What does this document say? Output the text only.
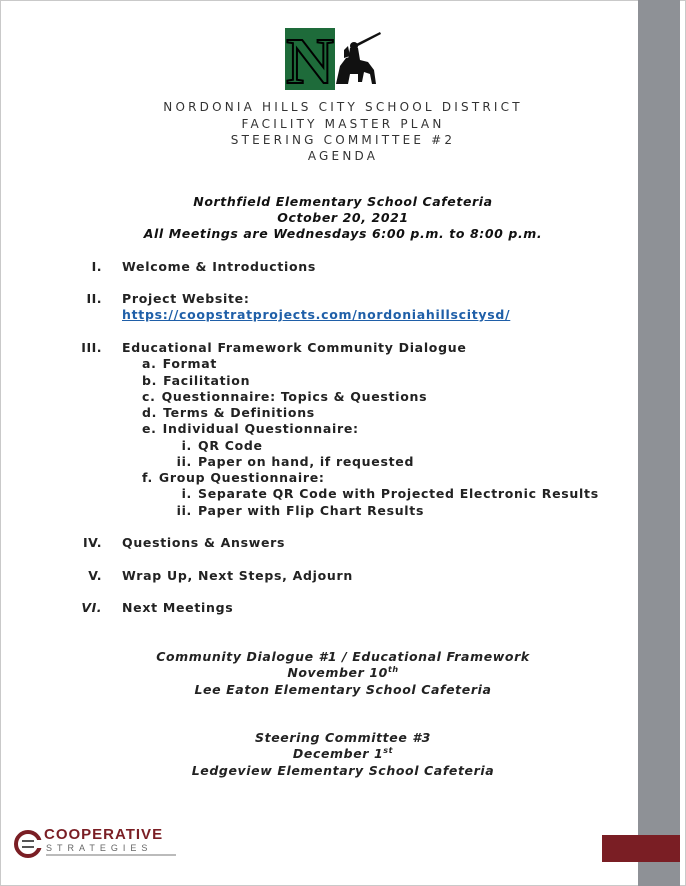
N
NORDONIA HILLS CITY SCHOOL DISTRICT
FACILITY MASTER PLAN
STEERING COMMITTEE #2
AGENDA
Northfield Elementary School Cafeteria
October 20, 2021
All Meetings are Wednesdays 6:00 p.m. to 8:00 p.m.
I. Welcome & Introductions
II. Project Website:
https://coopstratprojects.com/nordoniahillscitysd/
III. Educational Framework Community Dialogue
a. Format
b. Facilitation
c. Questionnaire: Topics & Questions
d. Terms & Definitions
e. Individual Questionnaire:
i. QR Code
ii. Paper on hand, if requested
f. Group Questionnaire:
i. Separate QR Code with Projected Electronic Results
ii. Paper with Flip Chart Results
IV. Questions & Answers
V. Wrap Up, Next Steps, Adjourn
VI. Next Meetings
Community Dialogue #1 / Educational Framework
November 10th
Lee Eaton Elementary School Cafeteria
Steering Committee #3
December 1st
Ledgeview Elementary School Cafeteria
COOPERATIVE
STRATEGIES
